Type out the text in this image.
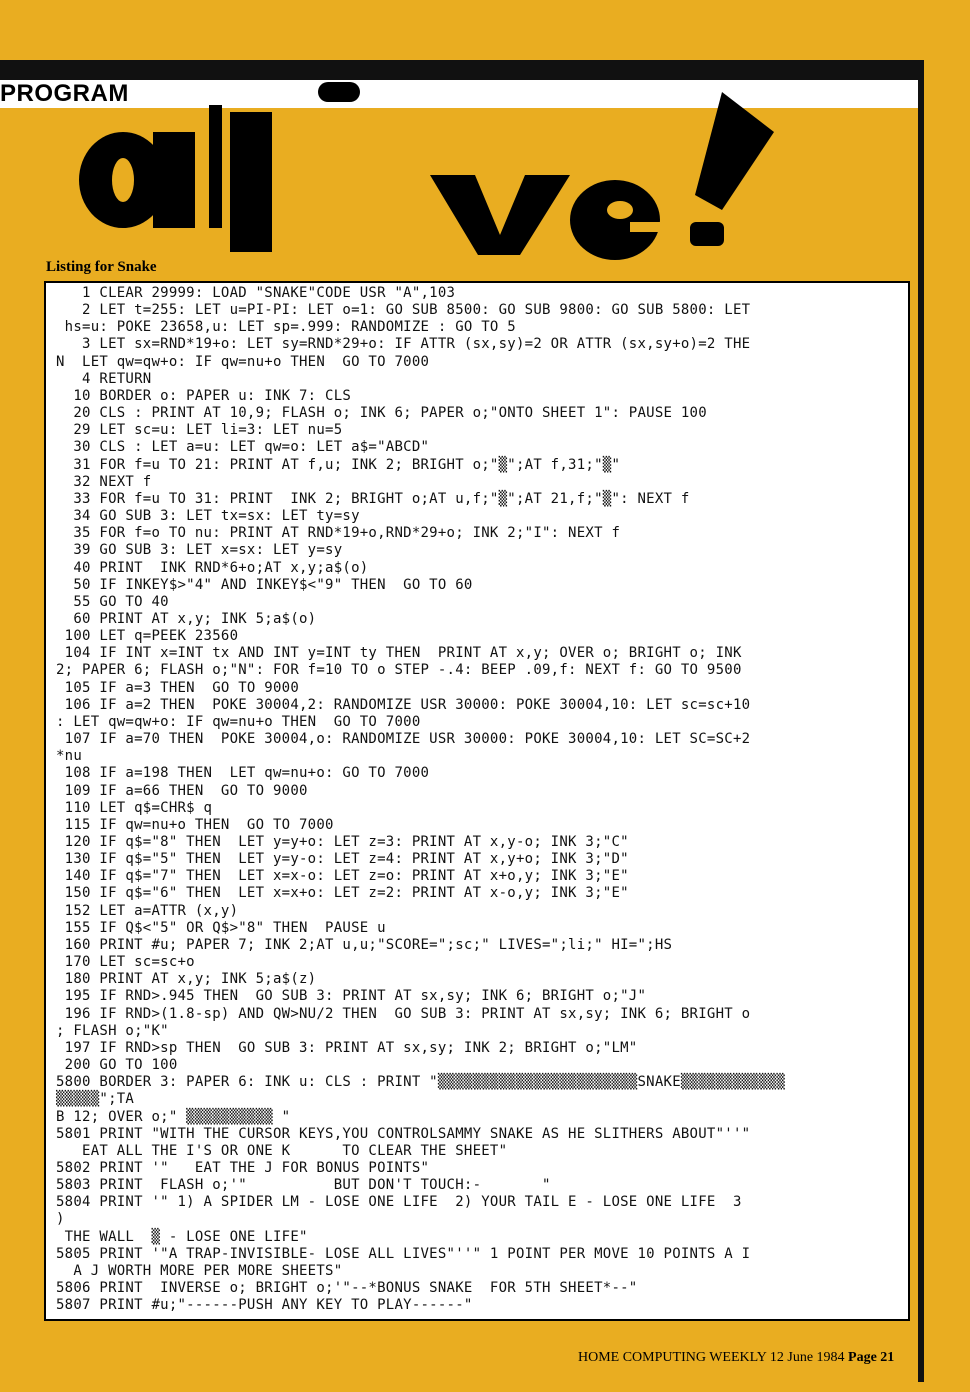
PROGRAM
Listing for Snake
1 CLEAR 29999: LOAD "SNAKE"CODE USR "A",103
2 LET t=255: LET u=PI-PI: LET o=1: GO SUB 8500: GO SUB 9800: GO SUB 5800: LET
hs=u: POKE 23658,u: LET sp=.999: RANDOMIZE : GO TO 5
3 LET sx=RND*19+o: LET sy=RND*29+o: IF ATTR (sx,sy)=2 OR ATTR (sx,sy+o)=2 THE
N  LET qw=qw+o: IF qw=nu+o THEN  GO TO 7000
4 RETURN
10 BORDER o: PAPER u: INK 7: CLS
20 CLS : PRINT AT 10,9; FLASH o; INK 6; PAPER o;"ONTO SHEET 1": PAUSE 100
29 LET sc=u: LET li=3: LET nu=5
30 CLS : LET a=u: LET qw=o: LET a$="ABCD"
31 FOR f=u TO 21: PRINT AT f,u; INK 2; BRIGHT o;"▒";AT f,31;"▒"
32 NEXT f
33 FOR f=u TO 31: PRINT  INK 2; BRIGHT o;AT u,f;"▒";AT 21,f;"▒": NEXT f
34 GO SUB 3: LET tx=sx: LET ty=sy
35 FOR f=o TO nu: PRINT AT RND*19+o,RND*29+o; INK 2;"I": NEXT f
39 GO SUB 3: LET x=sx: LET y=sy
40 PRINT  INK RND*6+o;AT x,y;a$(o)
50 IF INKEY$>"4" AND INKEY$<"9" THEN  GO TO 60
55 GO TO 40
60 PRINT AT x,y; INK 5;a$(o)
100 LET q=PEEK 23560
104 IF INT x=INT tx AND INT y=INT ty THEN  PRINT AT x,y; OVER o; BRIGHT o; INK
2; PAPER 6; FLASH o;"N": FOR f=10 TO o STEP -.4: BEEP .09,f: NEXT f: GO TO 9500
105 IF a=3 THEN  GO TO 9000
106 IF a=2 THEN  POKE 30004,2: RANDOMIZE USR 30000: POKE 30004,10: LET sc=sc+10
: LET qw=qw+o: IF qw=nu+o THEN  GO TO 7000
107 IF a=70 THEN  POKE 30004,o: RANDOMIZE USR 30000: POKE 30004,10: LET SC=SC+2
*nu
108 IF a=198 THEN  LET qw=nu+o: GO TO 7000
109 IF a=66 THEN  GO TO 9000
110 LET q$=CHR$ q
115 IF qw=nu+o THEN  GO TO 7000
120 IF q$="8" THEN  LET y=y+o: LET z=3: PRINT AT x,y-o; INK 3;"C"
130 IF q$="5" THEN  LET y=y-o: LET z=4: PRINT AT x,y+o; INK 3;"D"
140 IF q$="7" THEN  LET x=x-o: LET z=o: PRINT AT x+o,y; INK 3;"E"
150 IF q$="6" THEN  LET x=x+o: LET z=2: PRINT AT x-o,y; INK 3;"E"
152 LET a=ATTR (x,y)
155 IF Q$<"5" OR Q$>"8" THEN  PAUSE u
160 PRINT #u; PAPER 7; INK 2;AT u,u;"SCORE=";sc;" LIVES=";li;" HI=";HS
170 LET sc=sc+o
180 PRINT AT x,y; INK 5;a$(z)
195 IF RND>.945 THEN  GO SUB 3: PRINT AT sx,sy; INK 6; BRIGHT o;"J"
196 IF RND>(1.8-sp) AND QW>NU/2 THEN  GO SUB 3: PRINT AT sx,sy; INK 6; BRIGHT o
; FLASH o;"K"
197 IF RND>sp THEN  GO SUB 3: PRINT AT sx,sy; INK 2; BRIGHT o;"LM"
200 GO TO 100
5800 BORDER 3: PAPER 6: INK u: CLS : PRINT "▒▒▒▒▒▒▒▒▒▒▒▒▒▒▒▒▒▒▒▒▒▒▒SNAKE▒▒▒▒▒▒▒▒▒▒▒▒
▒▒▒▒▒";TA
B 12; OVER o;" ▒▒▒▒▒▒▒▒▒▒ "
5801 PRINT "WITH THE CURSOR KEYS,YOU CONTROLSAMMY SNAKE AS HE SLITHERS ABOUT"''"
EAT ALL THE I'S OR ONE K      TO CLEAR THE SHEET"
5802 PRINT '"   EAT THE J FOR BONUS POINTS"
5803 PRINT  FLASH o;'"          BUT DON'T TOUCH:-       "
5804 PRINT '" 1) A SPIDER LM - LOSE ONE LIFE  2) YOUR TAIL E - LOSE ONE LIFE  3
)
THE WALL  ▒ - LOSE ONE LIFE"
5805 PRINT '"A TRAP-INVISIBLE- LOSE ALL LIVES"''" 1 POINT PER MOVE 10 POINTS A I
A J WORTH MORE PER MORE SHEETS"
5806 PRINT  INVERSE o; BRIGHT o;'"--*BONUS SNAKE  FOR 5TH SHEET*--"
5807 PRINT #u;"------PUSH ANY KEY TO PLAY------"

HOME COMPUTING WEEKLY 12 June 1984 Page 21
